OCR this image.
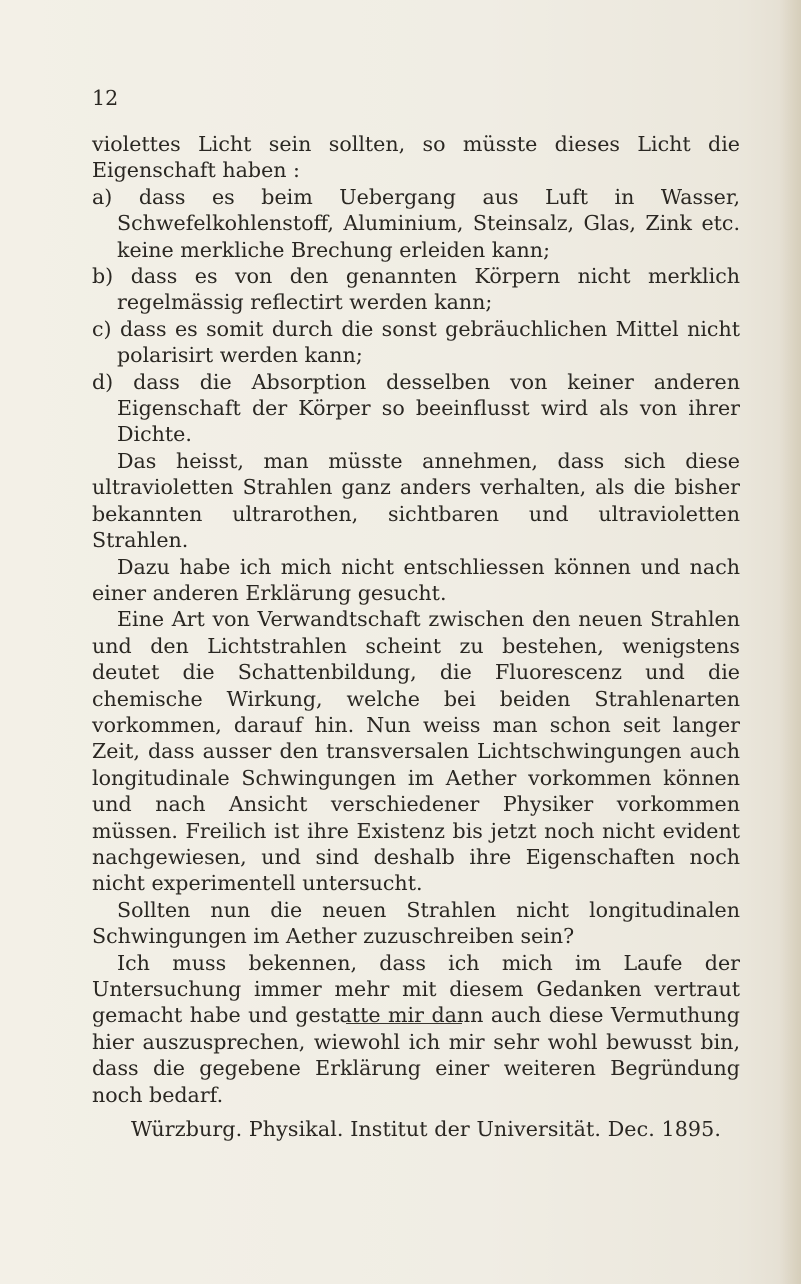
12

violettes Licht sein sollten, so müsste dieses Licht die Eigenschaft haben :

a) dass es beim Uebergang aus Luft in Wasser, Schwefelkohlenstoff, Aluminium, Steinsalz, Glas, Zink etc. keine merkliche Brechung erleiden kann;

b) dass es von den genannten Körpern nicht merklich regelmässig reflectirt werden kann;

c) dass es somit durch die sonst gebräuchlichen Mittel nicht polarisirt werden kann;

d) dass die Absorption desselben von keiner anderen Eigenschaft der Körper so beeinflusst wird als von ihrer Dichte.

Das heisst, man müsste annehmen, dass sich diese ultravioletten Strahlen ganz anders verhalten, als die bisher bekannten ultrarothen, sichtbaren und ultravioletten Strahlen.

Dazu habe ich mich nicht entschliessen können und nach einer anderen Erklärung gesucht.

Eine Art von Verwandtschaft zwischen den neuen Strahlen und den Lichtstrahlen scheint zu bestehen, wenigstens deutet die Schattenbildung, die Fluorescenz und die chemische Wirkung, welche bei beiden Strahlenarten vorkommen, darauf hin. Nun weiss man schon seit langer Zeit, dass ausser den transversalen Lichtschwingungen auch longitudinale Schwingungen im Aether vorkommen können und nach Ansicht verschiedener Physiker vorkommen müssen. Freilich ist ihre Existenz bis jetzt noch nicht evident nachgewiesen, und sind deshalb ihre Eigenschaften noch nicht experimentell untersucht.

Sollten nun die neuen Strahlen nicht longitudinalen Schwingungen im Aether zuzuschreiben sein?

Ich muss bekennen, dass ich mich im Laufe der Untersuchung immer mehr mit diesem Gedanken vertraut gemacht habe und gestatte mir dann auch diese Vermuthung hier auszusprechen, wiewohl ich mir sehr wohl bewusst bin, dass die gegebene Erklärung einer weiteren Begründung noch bedarf.

Würzburg. Physikal. Institut der Universität. Dec. 1895.
